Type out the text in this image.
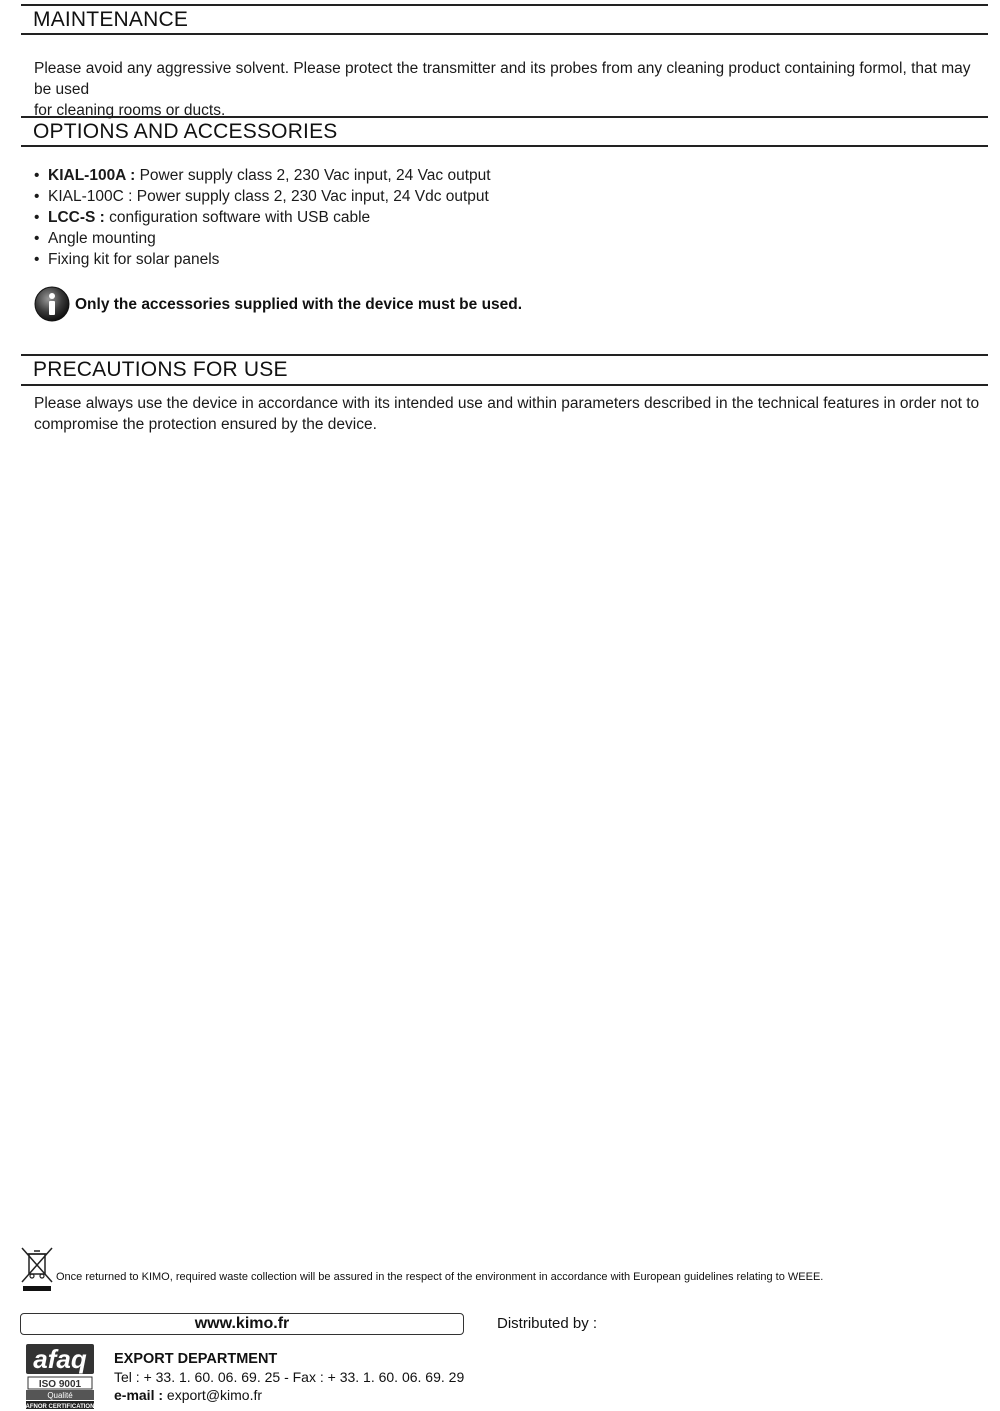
MAINTENANCE
Please avoid any aggressive solvent. Please protect the transmitter and its probes from any cleaning product containing formol, that may be used
for cleaning rooms or ducts.
OPTIONS AND ACCESSORIES
• KIAL-100A : Power supply class 2, 230 Vac input, 24 Vac output
• KIAL-100C : Power supply class 2, 230 Vac input, 24 Vdc output
• LCC-S : configuration software with USB cable
• Angle mounting
• Fixing kit for solar panels
Only the accessories supplied with the device must be used.
PRECAUTIONS FOR USE
Please always use the device in accordance with its intended use and within parameters described in the technical features in order not to
compromise the protection ensured by the device.
Once returned to KIMO, required waste collection will be assured in the respect of the environment in accordance with European guidelines relating to WEEE.
www.kimo.fr	Distributed by :
afaq
ISO 9001
Qualité
AFNOR CERTIFICATION
EXPORT DEPARTMENT
Tel : + 33. 1. 60. 06. 69. 25 - Fax : + 33. 1. 60. 06. 69. 29
e-mail : export@kimo.fr
